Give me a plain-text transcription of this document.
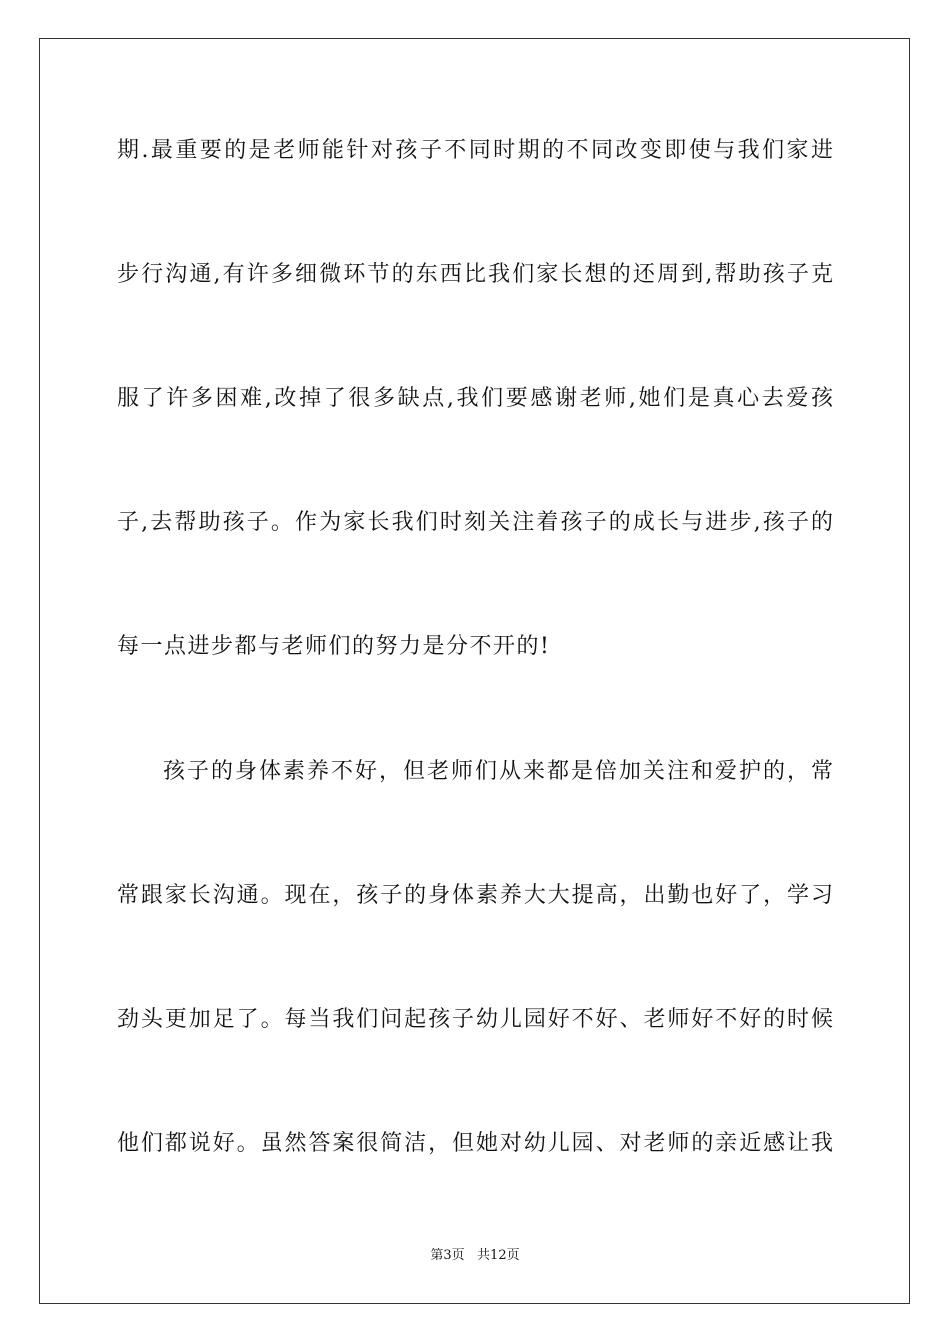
期.最重要的是老师能针对孩子不同时期的不同改变即使与我们家进
步行沟通,有许多细微环节的东西比我们家长想的还周到,帮助孩子克
服了许多困难,改掉了很多缺点,我们要感谢老师,她们是真心去爱孩
子,去帮助孩子。作为家长我们时刻关注着孩子的成长与进步,孩子的
每一点进步都与老师们的努力是分不开的!
孩子的身体素养不好，但老师们从来都是倍加关注和爱护的，常
常跟家长沟通。现在，孩子的身体素养大大提高，出勤也好了，学习
劲头更加足了。每当我们问起孩子幼儿园好不好、老师好不好的时候
他们都说好。虽然答案很简洁，但她对幼儿园、对老师的亲近感让我
第3页   共12页
